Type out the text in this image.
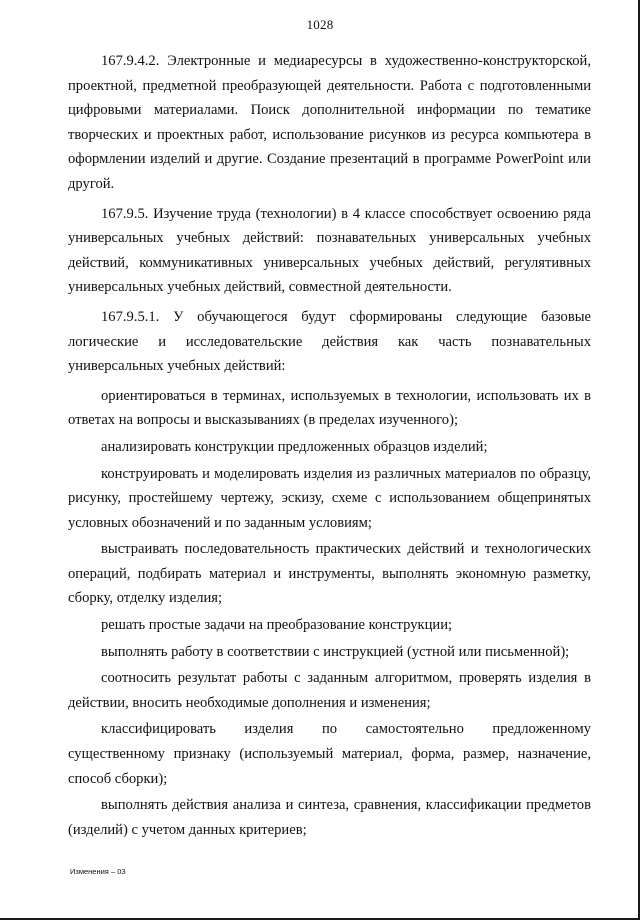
1028

167.9.4.2. Электронные и медиаресурсы в художественно-конструкторской, проектной, предметной преобразующей деятельности. Работа с подготовленными цифровыми материалами. Поиск дополнительной информации по тематике творческих и проектных работ, использование рисунков из ресурса компьютера в оформлении изделий и другие. Создание презентаций в программе PowerPoint или другой.

167.9.5. Изучение труда (технологии) в 4 классе способствует освоению ряда универсальных учебных действий: познавательных универсальных учебных действий, коммуникативных универсальных учебных действий, регулятивных универсальных учебных действий, совместной деятельности.

167.9.5.1. У обучающегося будут сформированы следующие базовые логические и исследовательские действия как часть познавательных универсальных учебных действий:

ориентироваться в терминах, используемых в технологии, использовать их в ответах на вопросы и высказываниях (в пределах изученного);

анализировать конструкции предложенных образцов изделий;

конструировать и моделировать изделия из различных материалов по образцу, рисунку, простейшему чертежу, эскизу, схеме с использованием общепринятых условных обозначений и по заданным условиям;

выстраивать последовательность практических действий и технологических операций, подбирать материал и инструменты, выполнять экономную разметку, сборку, отделку изделия;

решать простые задачи на преобразование конструкции;

выполнять работу в соответствии с инструкцией (устной или письменной);

соотносить результат работы с заданным алгоритмом, проверять изделия в действии, вносить необходимые дополнения и изменения;

классифицировать изделия по самостоятельно предложенному существенному признаку (используемый материал, форма, размер, назначение, способ сборки);

выполнять действия анализа и синтеза, сравнения, классификации предметов (изделий) с учетом данных критериев;

Изменения – 03
